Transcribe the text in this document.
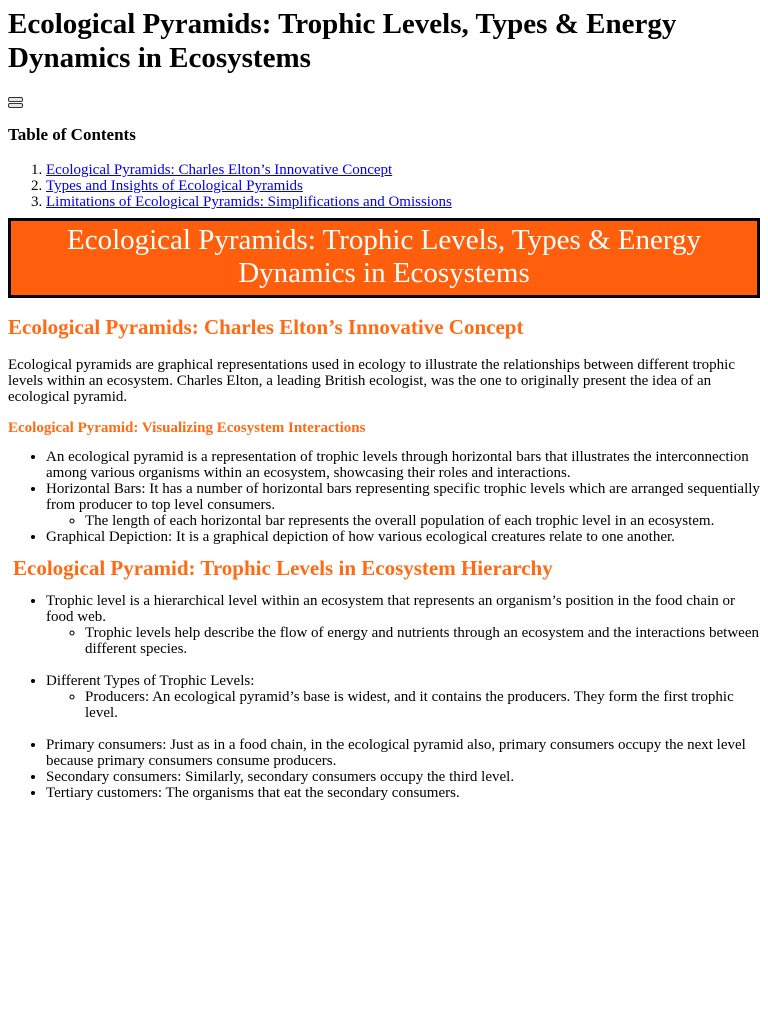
Ecological Pyramids: Trophic Levels, Types & Energy Dynamics in Ecosystems
Table of Contents
1. Ecological Pyramids: Charles Elton’s Innovative Concept
2. Types and Insights of Ecological Pyramids
3. Limitations of Ecological Pyramids: Simplifications and Omissions
Ecological Pyramids: Trophic Levels, Types & Energy Dynamics in Ecosystems
Ecological Pyramids: Charles Elton’s Innovative Concept

Ecological pyramids are graphical representations used in ecology to illustrate the relationships between different trophic levels within an ecosystem. Charles Elton, a leading British ecologist, was the one to originally present the idea of an ecological pyramid.

Ecological Pyramid: Visualizing Ecosystem Interactions
• An ecological pyramid is a representation of trophic levels through horizontal bars that illustrates the interconnection among various organisms within an ecosystem, showcasing their roles and interactions.
• Horizontal Bars: It has a number of horizontal bars representing specific trophic levels which are arranged sequentially from producer to top level consumers.
◦ The length of each horizontal bar represents the overall population of each trophic level in an ecosystem.
• Graphical Depiction: It is a graphical depiction of how various ecological creatures relate to one another.
Ecological Pyramid: Trophic Levels in Ecosystem Hierarchy
• Trophic level is a hierarchical level within an ecosystem that represents an organism’s position in the food chain or food web.
◦ Trophic levels help describe the flow of energy and nutrients through an ecosystem and the interactions between different species.
• Different Types of Trophic Levels:
◦ Producers: An ecological pyramid’s base is widest, and it contains the producers. They form the first trophic level.
• Primary consumers: Just as in a food chain, in the ecological pyramid also, primary consumers occupy the next level because primary consumers consume producers.
• Secondary consumers: Similarly, secondary consumers occupy the third level.
• Tertiary customers: The organisms that eat the secondary consumers.
